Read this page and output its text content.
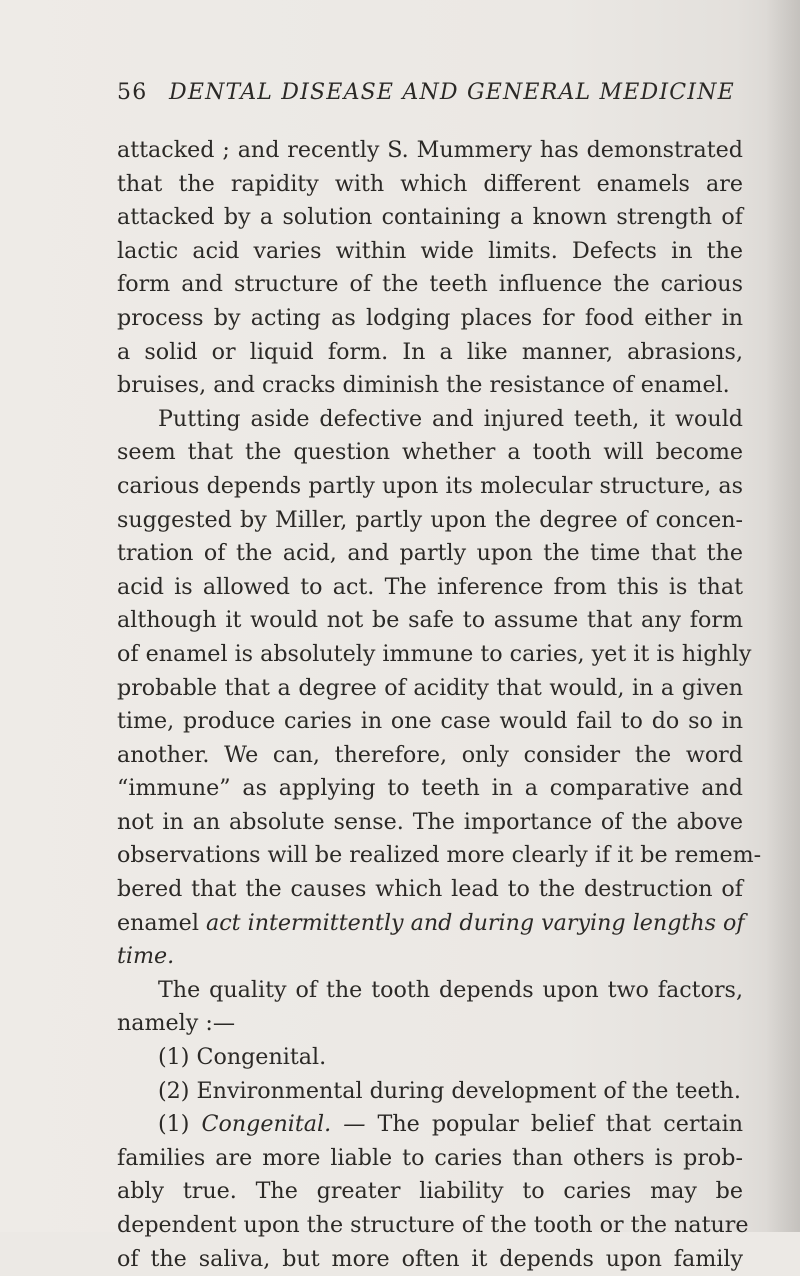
56 DENTAL DISEASE AND GENERAL MEDICINE
attacked ; and recently S. Mummery has demonstrated
that the rapidity with which different enamels are
attacked by a solution containing a known strength of
lactic acid varies within wide limits. Defects in the
form and structure of the teeth influence the carious
process by acting as lodging places for food either in
a solid or liquid form. In a like manner, abrasions,
bruises, and cracks diminish the resistance of enamel.
Putting aside defective and injured teeth, it would
seem that the question whether a tooth will become
carious depends partly upon its molecular structure, as
suggested by Miller, partly upon the degree of concen-
tration of the acid, and partly upon the time that the
acid is allowed to act. The inference from this is that
although it would not be safe to assume that any form
of enamel is absolutely immune to caries, yet it is highly
probable that a degree of acidity that would, in a given
time, produce caries in one case would fail to do so in
another. We can, therefore, only consider the word
“immune” as applying to teeth in a comparative and
not in an absolute sense. The importance of the above
observations will be realized more clearly if it be remem-
bered that the causes which lead to the destruction of
enamel act intermittently and during varying lengths of
time.
The quality of the tooth depends upon two factors,
namely :—
(1) Congenital.
(2) Environmental during development of the teeth.
(1) Congenital. — The popular belief that certain
families are more liable to caries than others is prob-
ably true. The greater liability to caries may be
dependent upon the structure of the tooth or the nature
of the saliva, but more often it depends upon family
